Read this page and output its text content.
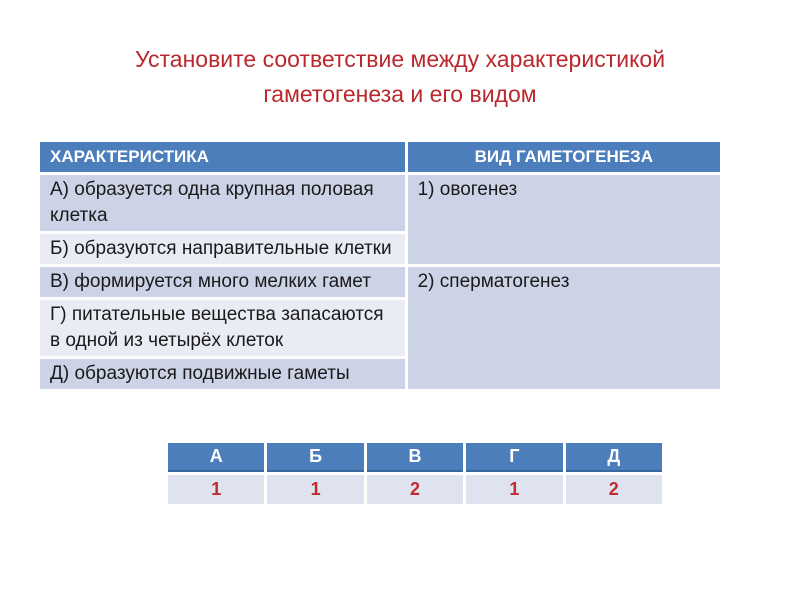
Установите соответствие между характеристикой
гаметогенеза и его видом
ХАРАКТЕРИСТИКА	ВИД ГАМЕТОГЕНЕЗА
А) образуется одна крупная половая клетка	1) овогенез
Б) образуются направительные клетки	
В) формируется много мелких гамет	2) сперматогенез
Г) питательные вещества запасаются в одной из четырёх клеток	
Д) образуются подвижные гаметы	
А	Б	В	Г	Д
1	1	2	1	2
